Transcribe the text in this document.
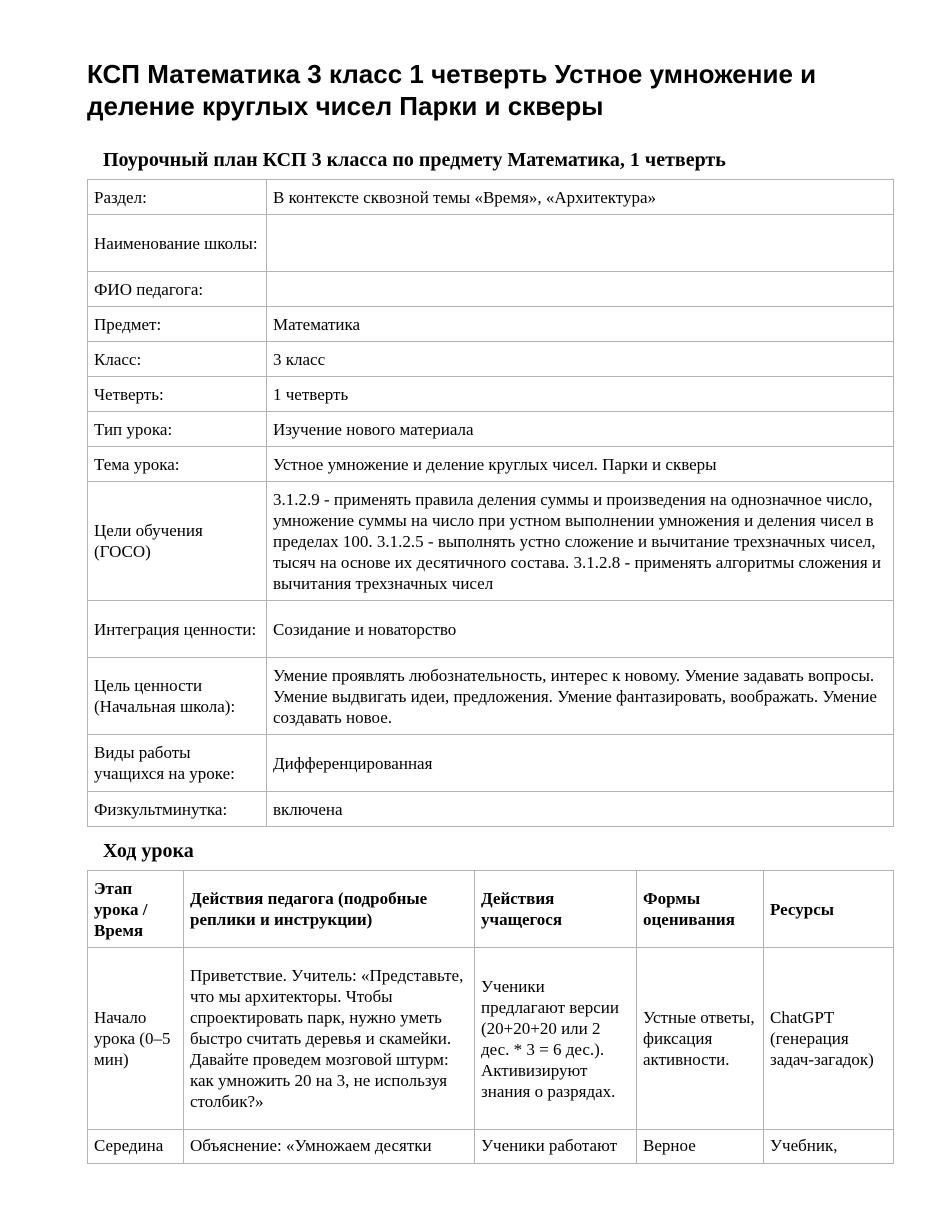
КСП Математика 3 класс 1 четверть Устное умножение и деление круглых чисел Парки и скверы
Поурочный план КСП 3 класса по предмету Математика, 1 четверть
Раздел:	В контексте сквозной темы «Время», «Архитектура»
Наименование школы:	
ФИО педагога:	
Предмет:	Математика
Класс:	3 класс
Четверть:	1 четверть
Тип урока:	Изучение нового материала
Тема урока:	Устное умножение и деление круглых чисел. Парки и скверы
Цели обучения (ГОСО)	3.1.2.9 - применять правила деления суммы и произведения на однозначное число, умножение суммы на число при устном выполнении умножения и деления чисел в пределах 100. 3.1.2.5 - выполнять устно сложение и вычитание трехзначных чисел, тысяч на основе их десятичного состава. 3.1.2.8 - применять алгоритмы сложения и вычитания трехзначных чисел
Интеграция ценности:	Созидание и новаторство
Цель ценности (Начальная школа):	Умение проявлять любознательность, интерес к новому. Умение задавать вопросы. Умение выдвигать идеи, предложения. Умение фантазировать, воображать. Умение создавать новое.
Виды работы учащихся на уроке:	Дифференцированная
Физкультминутка:	включена
Ход урока
Этап урока / Время	Действия педагога (подробные реплики и инструкции)	Действия учащегося	Формы оценивания	Ресурсы
Начало урока (0–5 мин)	Приветствие. Учитель: «Представьте, что мы архитекторы. Чтобы спроектировать парк, нужно уметь быстро считать деревья и скамейки. Давайте проведем мозговой штурм: как умножить 20 на 3, не используя столбик?»	Ученики предлагают версии (20+20+20 или 2 дес. * 3 = 6 дес.). Активизируют знания о разрядах.	Устные ответы, фиксация активности.	ChatGPT (генерация задач-загадок)
Середина	Объяснение: «Умножаем десятки	Ученики работают	Верное	Учебник,
